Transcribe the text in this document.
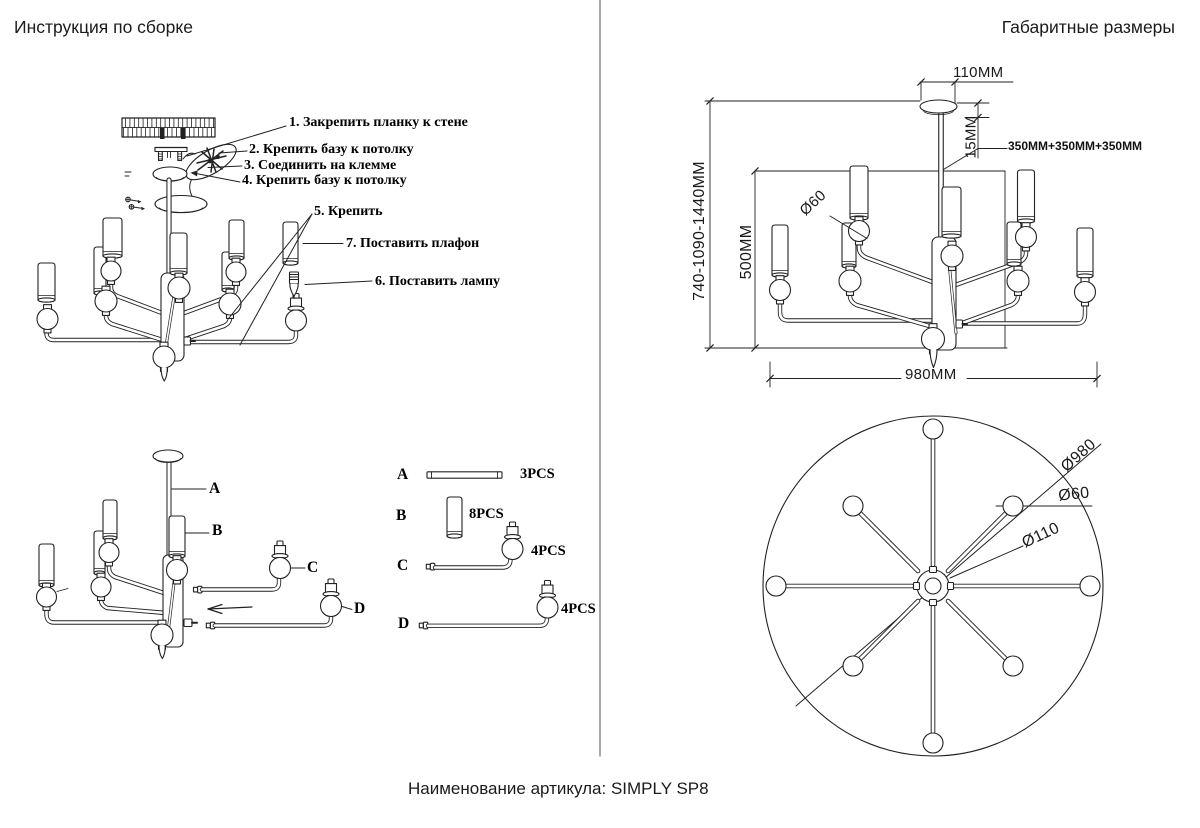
Инструкция по сборке	Габаритные размеры
Наименование артикула: SIMPLY SP8
1. Закрепить планку к стене
2. Крепить базу к потолку
3. Соединить на клемме
4. Крепить базу к потолку
5. Крепить
7. Поставить плафон
6. Поставить лампу
A
B
C
D
A	3PCS
B	8PCS
C
4PCS
D
4PCS
110MM
15MM 350MM+350MM+350MM
740-1090-1440MM 500MM
Ø60
980MM
Ø980
Ø60
Ø110
